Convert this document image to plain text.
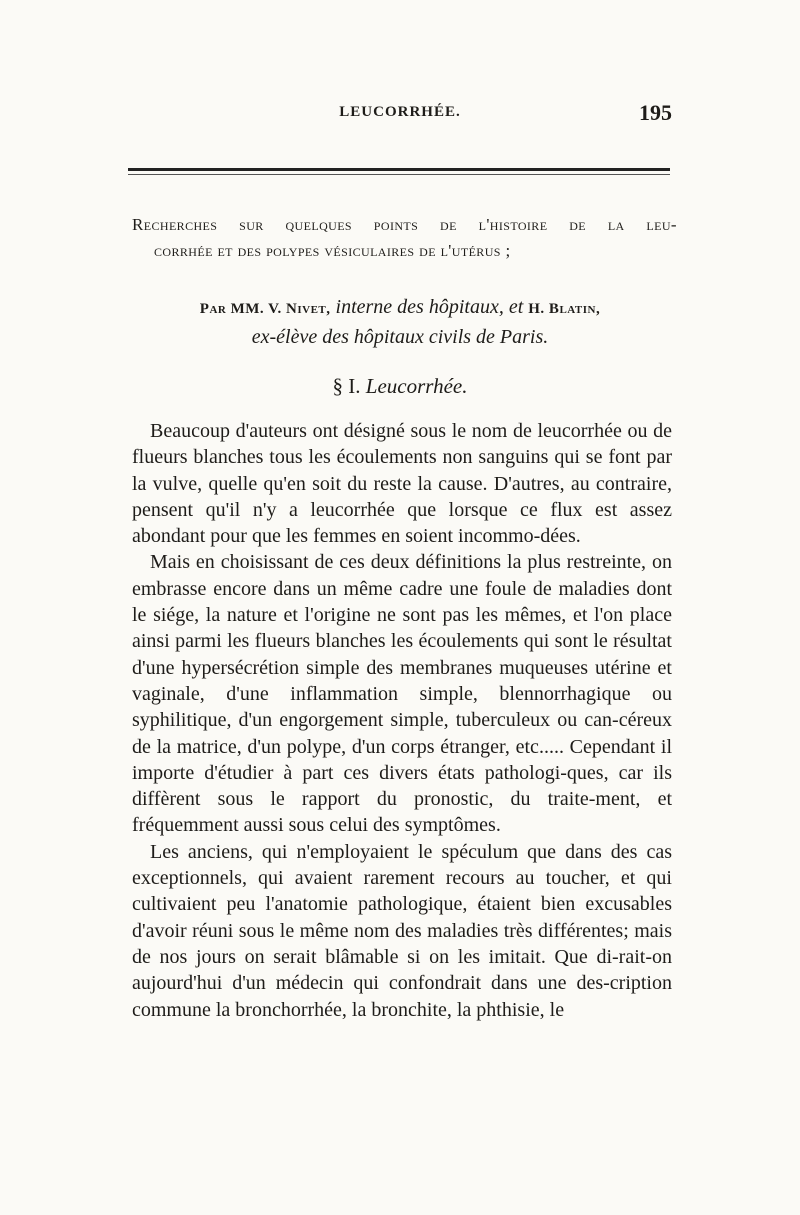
LEUCORRHÉE.	195
Recherches sur quelques points de l'histoire de la leu-
corrhée et des polypes vésiculaires de l'utérus ;
Par MM. V. Nivet, interne des hôpitaux, et H. Blatin,
ex-élève des hôpitaux civils de Paris.
§ I. Leucorrhée.

Beaucoup d'auteurs ont désigné sous le nom de leucorrhée ou de flueurs blanches tous les écoulements non sanguins qui se font par la vulve, quelle qu'en soit du reste la cause. D'autres, au contraire, pensent qu'il n'y a leucorrhée que lorsque ce flux est assez abondant pour que les femmes en soient incommo-dées.

Mais en choisissant de ces deux définitions la plus restreinte, on embrasse encore dans un même cadre une foule de maladies dont le siége, la nature et l'origine ne sont pas les mêmes, et l'on place ainsi parmi les flueurs blanches les écoulements qui sont le résultat d'une hypersécrétion simple des membranes muqueuses utérine et vaginale, d'une inflammation simple, blennorrhagique ou syphilitique, d'un engorgement simple, tuberculeux ou can-céreux de la matrice, d'un polype, d'un corps étranger, etc..... Cependant il importe d'étudier à part ces divers états pathologi-ques, car ils diffèrent sous le rapport du pronostic, du traite-ment, et fréquemment aussi sous celui des symptômes.

Les anciens, qui n'employaient le spéculum que dans des cas exceptionnels, qui avaient rarement recours au toucher, et qui cultivaient peu l'anatomie pathologique, étaient bien excusables d'avoir réuni sous le même nom des maladies très différentes; mais de nos jours on serait blâmable si on les imitait. Que di-rait-on aujourd'hui d'un médecin qui confondrait dans une des-cription commune la bronchorrhée, la bronchite, la phthisie, le
